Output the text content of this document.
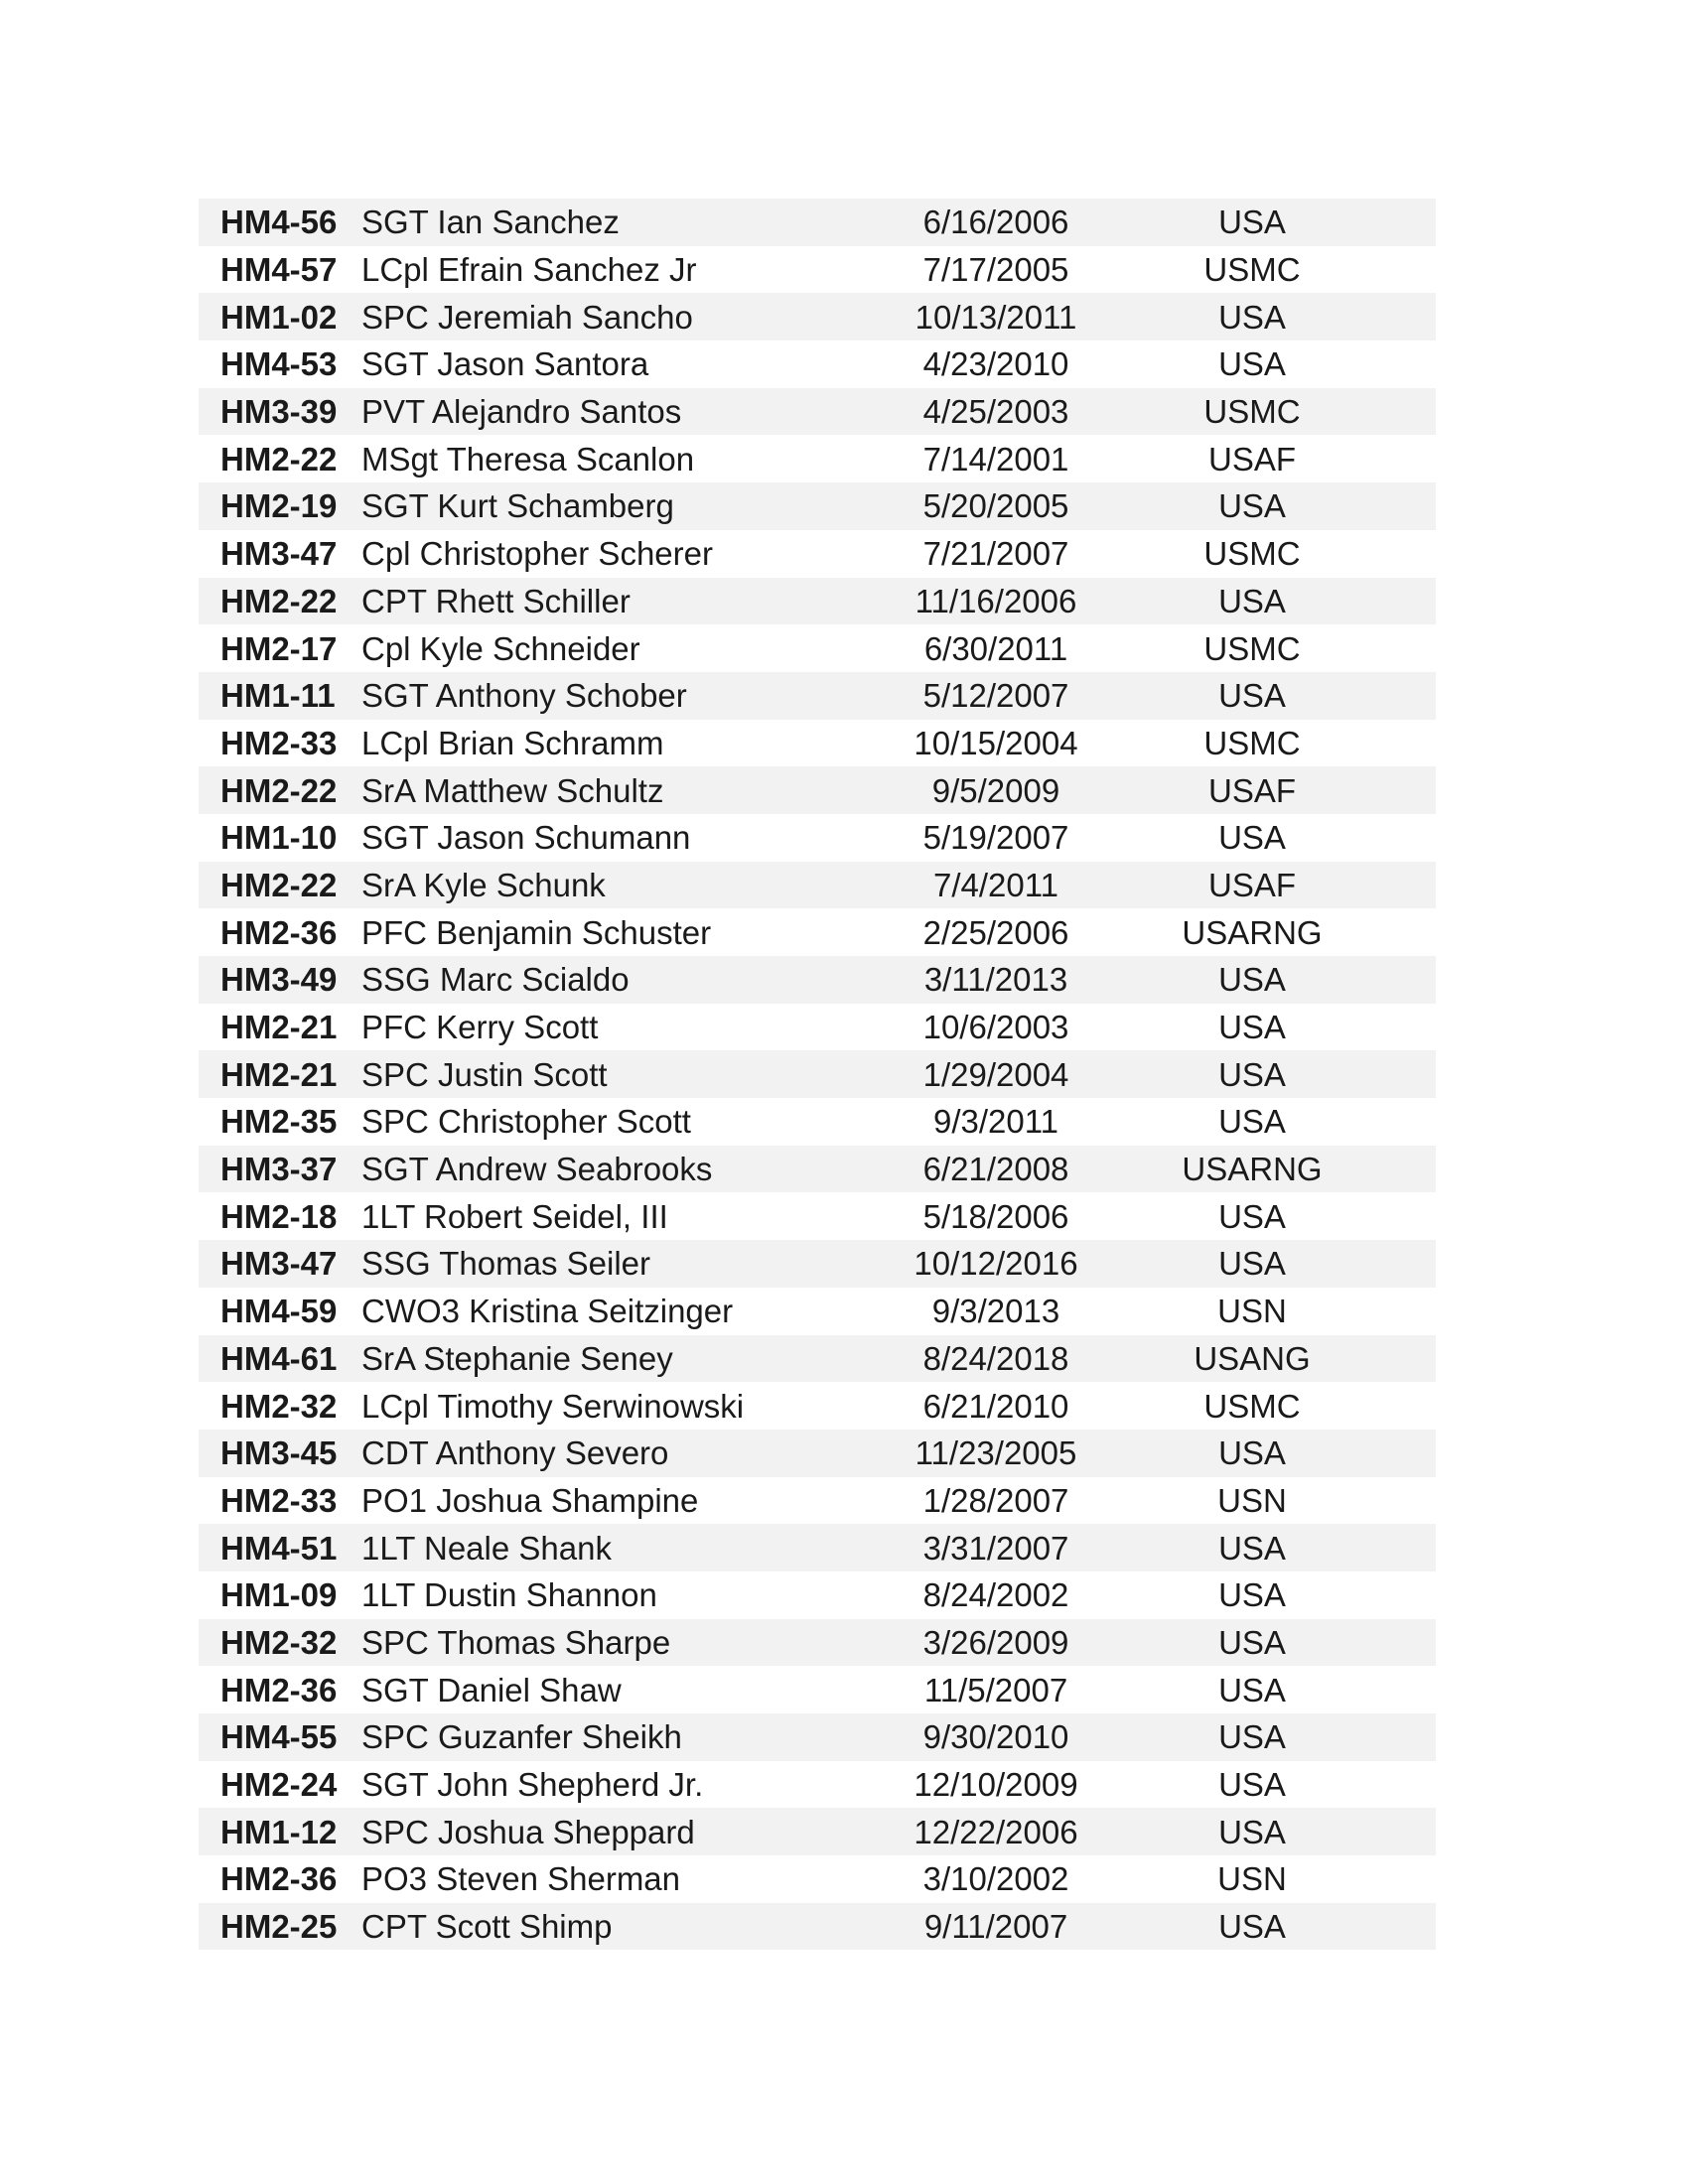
HM4-56	SGT Ian Sanchez	6/16/2006	USA
HM4-57	LCpl Efrain Sanchez Jr	7/17/2005	USMC
HM1-02	SPC Jeremiah Sancho	10/13/2011	USA
HM4-53	SGT Jason Santora	4/23/2010	USA
HM3-39	PVT Alejandro Santos	4/25/2003	USMC
HM2-22	MSgt Theresa Scanlon	7/14/2001	USAF
HM2-19	SGT Kurt Schamberg	5/20/2005	USA
HM3-47	Cpl Christopher Scherer	7/21/2007	USMC
HM2-22	CPT Rhett Schiller	11/16/2006	USA
HM2-17	Cpl Kyle Schneider	6/30/2011	USMC
HM1-11	SGT Anthony Schober	5/12/2007	USA
HM2-33	LCpl Brian Schramm	10/15/2004	USMC
HM2-22	SrA Matthew Schultz	9/5/2009	USAF
HM1-10	SGT Jason Schumann	5/19/2007	USA
HM2-22	SrA Kyle Schunk	7/4/2011	USAF
HM2-36	PFC Benjamin Schuster	2/25/2006	USARNG
HM3-49	SSG Marc Scialdo	3/11/2013	USA
HM2-21	PFC Kerry Scott	10/6/2003	USA
HM2-21	SPC Justin Scott	1/29/2004	USA
HM2-35	SPC Christopher Scott	9/3/2011	USA
HM3-37	SGT Andrew Seabrooks	6/21/2008	USARNG
HM2-18	1LT Robert Seidel, III	5/18/2006	USA
HM3-47	SSG Thomas Seiler	10/12/2016	USA
HM4-59	CWO3 Kristina Seitzinger	9/3/2013	USN
HM4-61	SrA Stephanie Seney	8/24/2018	USANG
HM2-32	LCpl Timothy Serwinowski	6/21/2010	USMC
HM3-45	CDT Anthony Severo	11/23/2005	USA
HM2-33	PO1 Joshua Shampine	1/28/2007	USN
HM4-51	1LT Neale Shank	3/31/2007	USA
HM1-09	1LT Dustin Shannon	8/24/2002	USA
HM2-32	SPC Thomas Sharpe	3/26/2009	USA
HM2-36	SGT Daniel Shaw	11/5/2007	USA
HM4-55	SPC Guzanfer Sheikh	9/30/2010	USA
HM2-24	SGT John Shepherd Jr.	12/10/2009	USA
HM1-12	SPC Joshua Sheppard	12/22/2006	USA
HM2-36	PO3 Steven Sherman	3/10/2002	USN
HM2-25	CPT Scott Shimp	9/11/2007	USA
